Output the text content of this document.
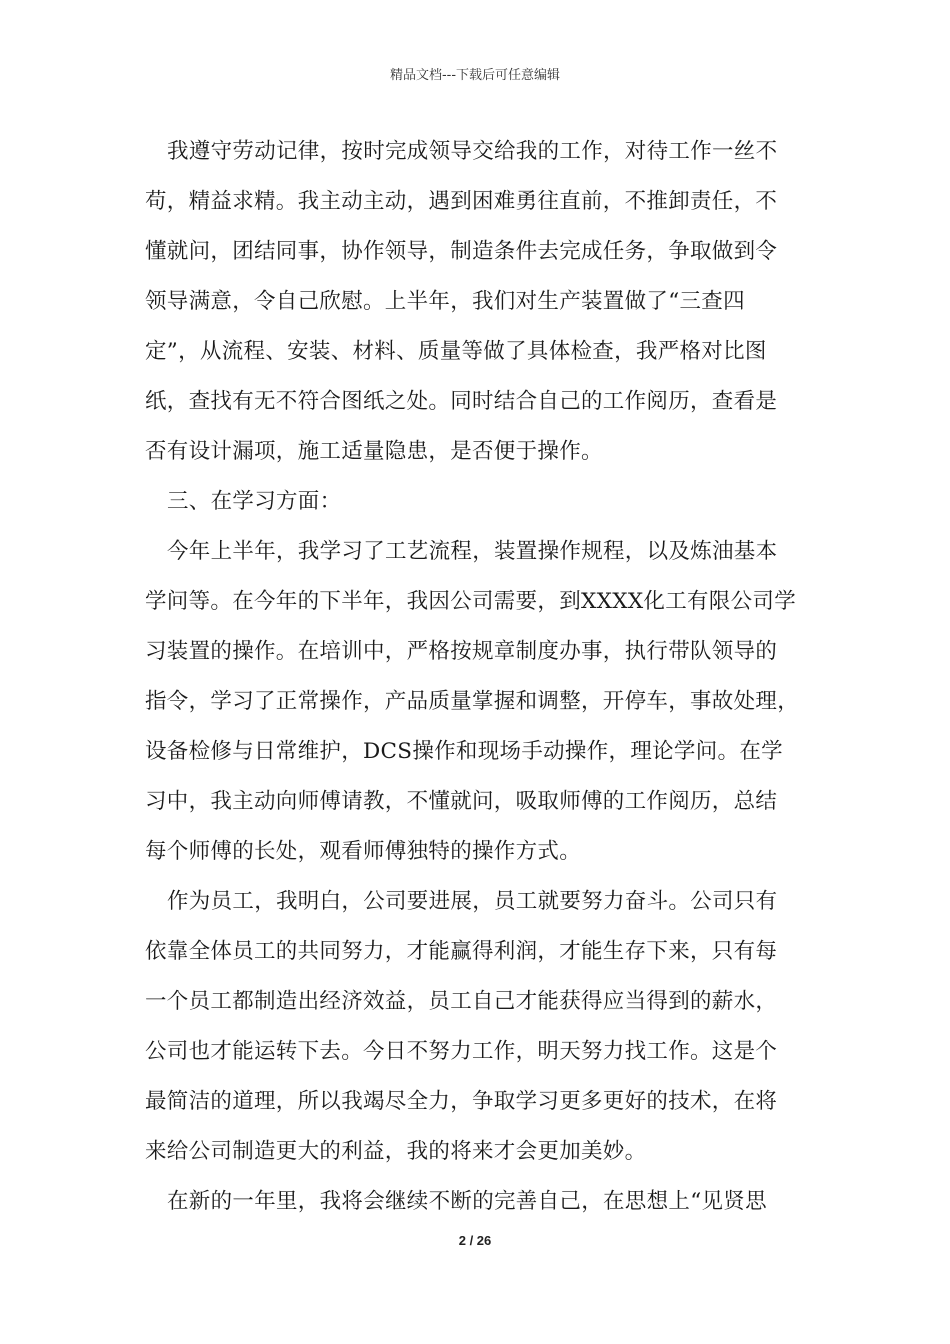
精品文档---下载后可任意编辑
我遵守劳动记律，按时完成领导交给我的工作，对待工作一丝不
苟，精益求精。我主动主动，遇到困难勇往直前，不推卸责任，不
懂就问，团结同事，协作领导，制造条件去完成任务，争取做到令
领导满意，令自己欣慰。上半年，我们对生产装置做了“三查四
定”，从流程、安装、材料、质量等做了具体检查，我严格对比图
纸，查找有无不符合图纸之处。同时结合自己的工作阅历，查看是
否有设计漏项，施工适量隐患，是否便于操作。
三、在学习方面：
今年上半年，我学习了工艺流程，装置操作规程，以及炼油基本
学问等。在今年的下半年，我因公司需要，到XXXX化工有限公司学
习装置的操作。在培训中，严格按规章制度办事，执行带队领导的
指令，学习了正常操作，产品质量掌握和调整，开停车，事故处理，
设备检修与日常维护，DCS操作和现场手动操作，理论学问。在学
习中，我主动向师傅请教，不懂就问，吸取师傅的工作阅历，总结
每个师傅的长处，观看师傅独特的操作方式。
作为员工，我明白，公司要进展，员工就要努力奋斗。公司只有
依靠全体员工的共同努力，才能赢得利润，才能生存下来，只有每
一个员工都制造出经济效益，员工自己才能获得应当得到的薪水，
公司也才能运转下去。今日不努力工作，明天努力找工作。这是个
最简洁的道理，所以我竭尽全力，争取学习更多更好的技术，在将
来给公司制造更大的利益，我的将来才会更加美妙。
在新的一年里，我将会继续不断的完善自己，在思想上“见贤思
2 / 26
